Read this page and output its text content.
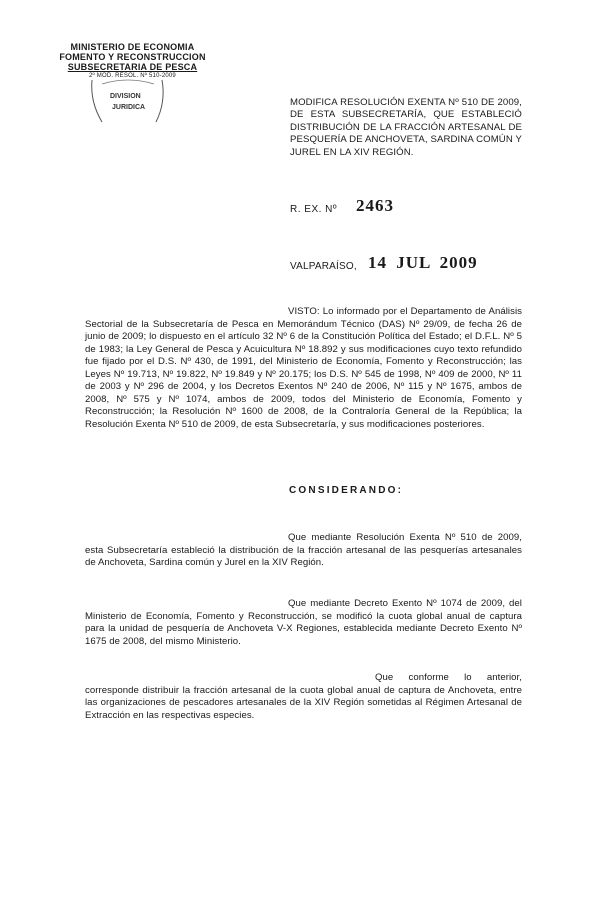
MINISTERIO DE ECONOMIA
FOMENTO Y RECONSTRUCCION
SUBSECRETARIA DE PESCA
2º MOD. RESOL. Nº 510-2009
DIVISION
JURIDICA	MODIFICA RESOLUCIÓN EXENTA Nº 510 DE 2009, DE ESTA SUBSECRETARÍA, QUE ESTABLECIÓ DISTRIBUCIÓN DE LA FRACCIÓN ARTESANAL DE PESQUERÍA DE ANCHOVETA, SARDINA COMÚN Y JUREL EN LA XIV REGIÓN.
R. EX. Nº 2463
VALPARAÍSO, 14 JUL 2009
VISTO: Lo informado por el Departamento de Análisis Sectorial de la Subsecretaría de Pesca en Memorándum Técnico (DAS) Nº 29/09, de fecha 26 de junio de 2009; lo dispuesto en el artículo 32 Nº 6 de la Constitución Política del Estado; el D.F.L. Nº 5 de 1983; la Ley General de Pesca y Acuicultura Nº 18.892 y sus modificaciones cuyo texto refundido fue fijado por el D.S. Nº 430, de 1991, del Ministerio de Economía, Fomento y Reconstrucción; las Leyes Nº 19.713, Nº 19.822, Nº 19.849 y Nº 20.175; los D.S. Nº 545 de 1998, Nº 409 de 2000, Nº 11 de 2003 y Nº 296 de 2004, y los Decretos Exentos Nº 240 de 2006, Nº 115 y Nº 1675, ambos de 2008, Nº 575 y Nº 1074, ambos de 2009, todos del Ministerio de Economía, Fomento y Reconstrucción; la Resolución Nº 1600 de 2008, de la Contraloría General de la República; la Resolución Exenta Nº 510 de 2009, de esta Subsecretaría, y sus modificaciones posteriores.
CONSIDERANDO:
Que mediante Resolución Exenta Nº 510 de 2009, esta Subsecretaría estableció la distribución de la fracción artesanal de las pesquerías artesanales de Anchoveta, Sardina común y Jurel en la XIV Región.
Que mediante Decreto Exento Nº 1074 de 2009, del Ministerio de Economía, Fomento y Reconstrucción, se modificó la cuota global anual de captura para la unidad de pesquería de Anchoveta V-X Regiones, establecida mediante Decreto Exento Nº 1675 de 2008, del mismo Ministerio.
Que conforme lo anterior, corresponde distribuir la fracción artesanal de la cuota global anual de captura de Anchoveta, entre las organizaciones de pescadores artesanales de la XIV Región sometidas al Régimen Artesanal de Extracción en las respectivas especies.
